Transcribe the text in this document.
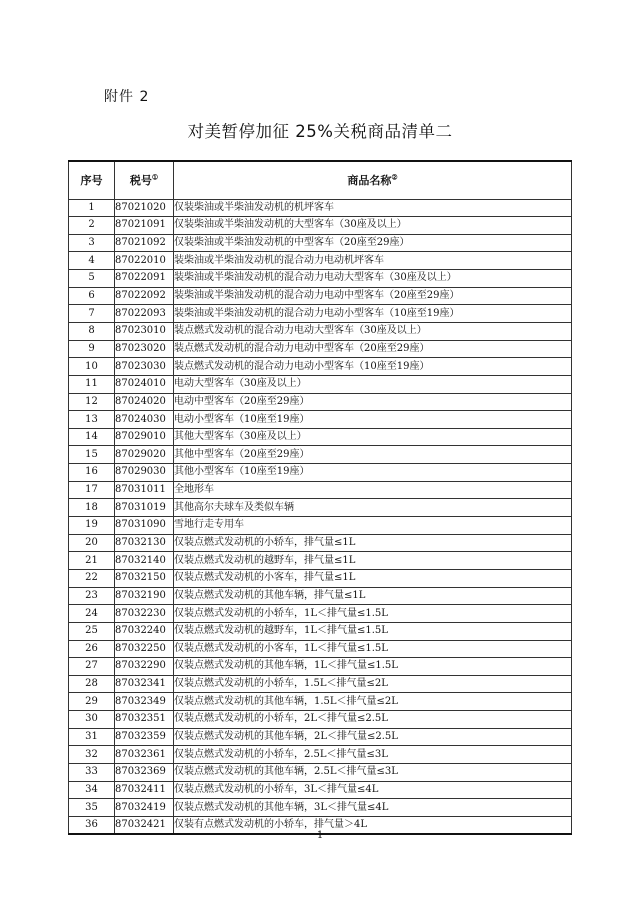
附件 2
对美暂停加征 25%关税商品清单二
序号	税号①	商品名称②
1	87021020	仅装柴油或半柴油发动机的机坪客车
2	87021091	仅装柴油或半柴油发动机的大型客车（30座及以上）
3	87021092	仅装柴油或半柴油发动机的中型客车（20座至29座）
4	87022010	装柴油或半柴油发动机的混合动力电动机坪客车
5	87022091	装柴油或半柴油发动机的混合动力电动大型客车（30座及以上）
6	87022092	装柴油或半柴油发动机的混合动力电动中型客车（20座至29座）
7	87022093	装柴油或半柴油发动机的混合动力电动小型客车（10座至19座）
8	87023010	装点燃式发动机的混合动力电动大型客车（30座及以上）
9	87023020	装点燃式发动机的混合动力电动中型客车（20座至29座）
10	87023030	装点燃式发动机的混合动力电动小型客车（10座至19座）
11	87024010	电动大型客车（30座及以上）
12	87024020	电动中型客车（20座至29座）
13	87024030	电动小型客车（10座至19座）
14	87029010	其他大型客车（30座及以上）
15	87029020	其他中型客车（20座至29座）
16	87029030	其他小型客车（10座至19座）
17	87031011	全地形车
18	87031019	其他高尔夫球车及类似车辆
19	87031090	雪地行走专用车
20	87032130	仅装点燃式发动机的小轿车，排气量≤1L
21	87032140	仅装点燃式发动机的越野车，排气量≤1L
22	87032150	仅装点燃式发动机的小客车，排气量≤1L
23	87032190	仅装点燃式发动机的其他车辆，排气量≤1L
24	87032230	仅装点燃式发动机的小轿车，1L＜排气量≤1.5L
25	87032240	仅装点燃式发动机的越野车，1L＜排气量≤1.5L
26	87032250	仅装点燃式发动机的小客车，1L＜排气量≤1.5L
27	87032290	仅装点燃式发动机的其他车辆，1L＜排气量≤1.5L
28	87032341	仅装点燃式发动机的小轿车，1.5L＜排气量≤2L
29	87032349	仅装点燃式发动机的其他车辆，1.5L＜排气量≤2L
30	87032351	仅装点燃式发动机的小轿车，2L＜排气量≤2.5L
31	87032359	仅装点燃式发动机的其他车辆，2L＜排气量≤2.5L
32	87032361	仅装点燃式发动机的小轿车，2.5L＜排气量≤3L
33	87032369	仅装点燃式发动机的其他车辆，2.5L＜排气量≤3L
34	87032411	仅装点燃式发动机的小轿车，3L＜排气量≤4L
35	87032419	仅装点燃式发动机的其他车辆，3L＜排气量≤4L
36	87032421	仅装有点燃式发动机的小轿车，排气量＞4L
1
